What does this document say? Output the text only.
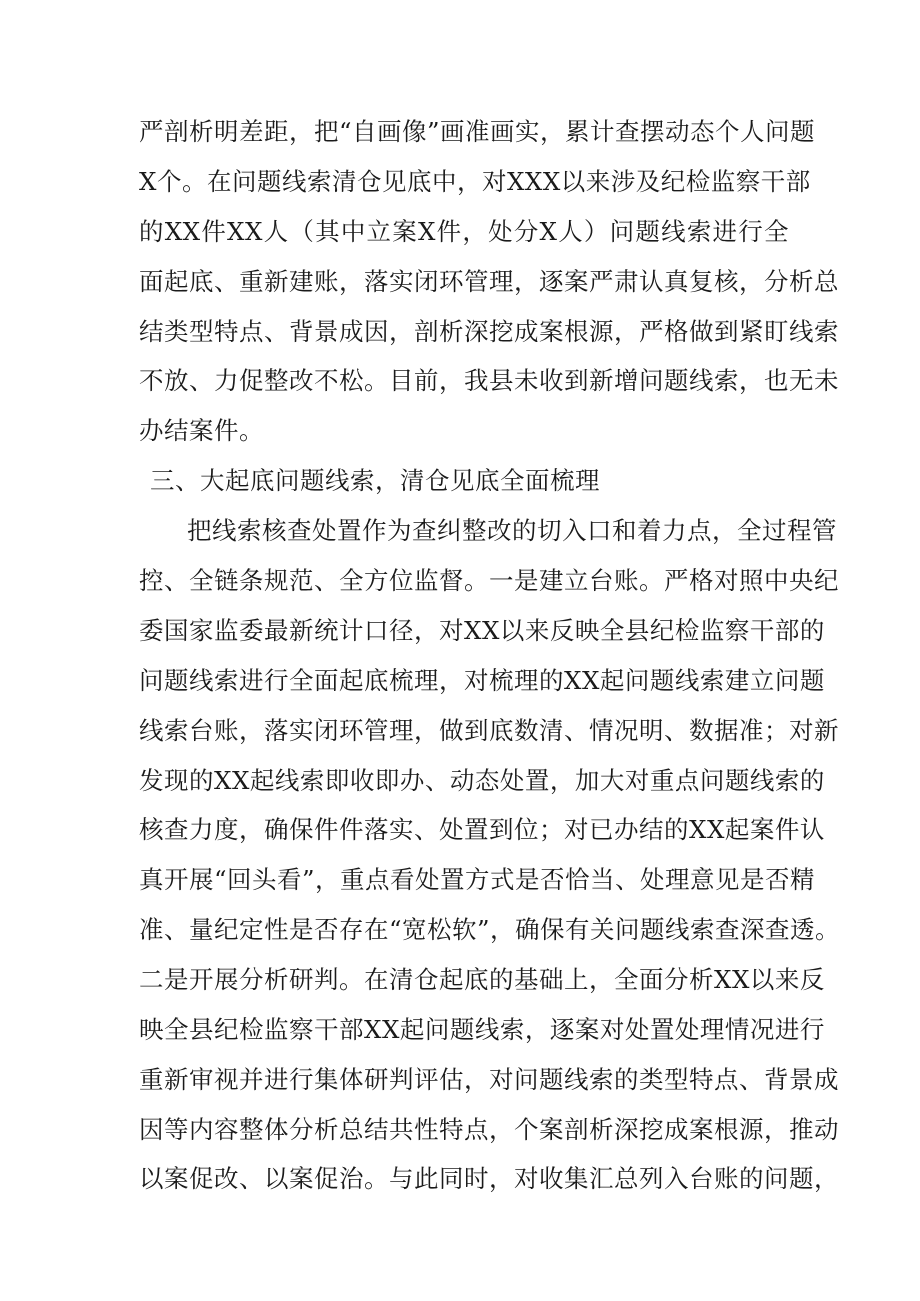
严剖析明差距，把“自画像”画准画实，累计查摆动态个人问题
X个。在问题线索清仓见底中，对XXX以来涉及纪检监察干部
的XX件XX人（其中立案X件，处分X人）问题线索进行全
面起底、重新建账，落实闭环管理，逐案严肃认真复核，分析总
结类型特点、背景成因，剖析深挖成案根源，严格做到紧盯线索
不放、力促整改不松。目前，我县未收到新增问题线索，也无未
办结案件。
三、大起底问题线索，清仓见底全面梳理
把线索核查处置作为查纠整改的切入口和着力点，全过程管
控、全链条规范、全方位监督。一是建立台账。严格对照中央纪
委国家监委最新统计口径，对XX以来反映全县纪检监察干部的
问题线索进行全面起底梳理，对梳理的XX起问题线索建立问题
线索台账，落实闭环管理，做到底数清、情况明、数据准；对新
发现的XX起线索即收即办、动态处置，加大对重点问题线索的
核查力度，确保件件落实、处置到位；对已办结的XX起案件认
真开展“回头看”，重点看处置方式是否恰当、处理意见是否精
准、量纪定性是否存在“宽松软”，确保有关问题线索查深查透。
二是开展分析研判。在清仓起底的基础上，全面分析XX以来反
映全县纪检监察干部XX起问题线索，逐案对处置处理情况进行
重新审视并进行集体研判评估，对问题线索的类型特点、背景成
因等内容整体分析总结共性特点，个案剖析深挖成案根源，推动
以案促改、以案促治。与此同时，对收集汇总列入台账的问题，
